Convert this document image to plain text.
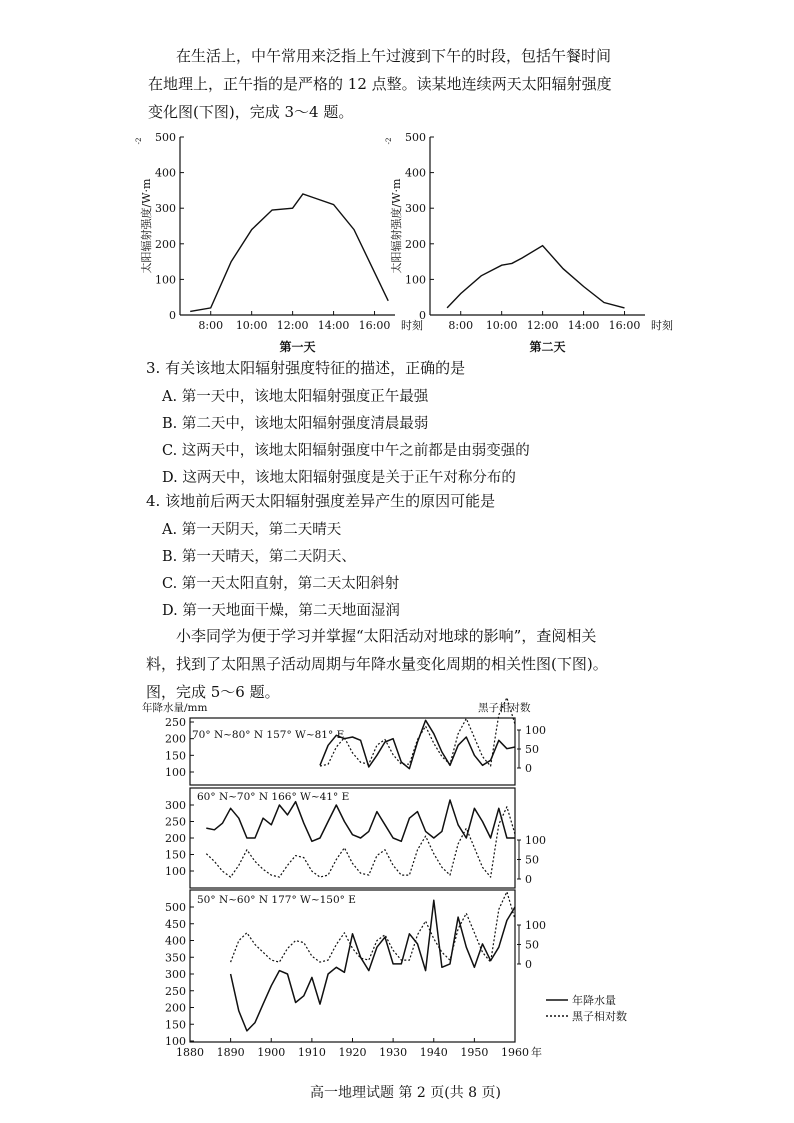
在生活上，中午常用来泛指上午过渡到下午的时段，包括午餐时间
在地理上，正午指的是严格的 12 点整。读某地连续两天太阳辐射强度
变化图(下图)，完成 3～4 题。
0
100
200
300
400
500
8:00 10:00 12:00 14:00 16:00 时刻
太阳辐射强度/W·m
-2
第一天
0
100
200
300
400
500
8:00 10:00 12:00 14:00 16:00 时刻
太阳辐射强度/W·m
-2
第二天
3. 有关该地太阳辐射强度特征的描述，正确的是
A. 第一天中，该地太阳辐射强度正午最强
B. 第二天中，该地太阳辐射强度清晨最弱
C. 这两天中，该地太阳辐射强度中午之前都是由弱变强的
D. 这两天中，该地太阳辐射强度是关于正午对称分布的
4. 该地前后两天太阳辐射强度差异产生的原因可能是
A. 第一天阴天，第二天晴天
B. 第一天晴天，第二天阴天、
C. 第一天太阳直射，第二天太阳斜射
D. 第一天地面干燥，第二天地面湿润
小李同学为便于学习并掌握“太阳活动对地球的影响”，查阅相关
料，找到了太阳黑子活动周期与年降水量变化周期的相关性图(下图)。
图，完成 5～6 题。
年降水量/mm	黑子相对数
250
200
150
100
100
50
0
300
250
200
150
100
100
50
0
500
450
400
350
300
250
200
150
100
100
50
0
1880 1890 1900 1910 1920 1930 1940 1950 1960 年
70° N~80° N 157° W~81° E
60° N~70° N 166° W~41° E
50° N~60° N 177° W~150° E
年降水量
黑子相对数
高一地理试题 第 2 页(共 8 页)
